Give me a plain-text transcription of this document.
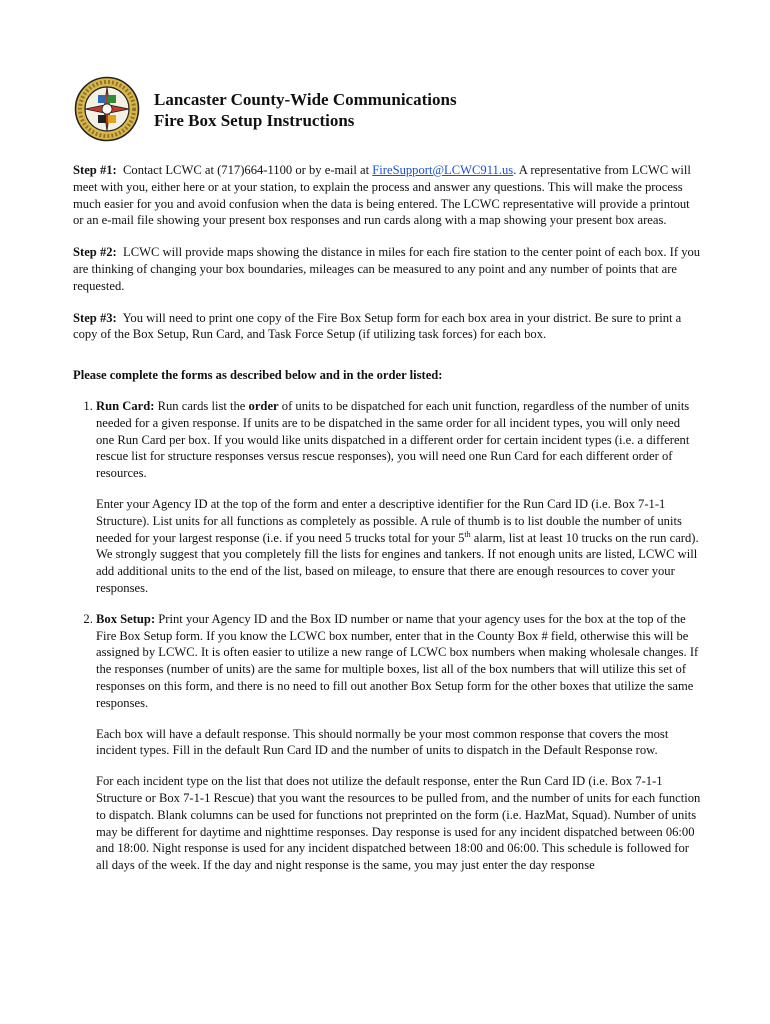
Lancaster County-Wide Communications
Fire Box Setup Instructions

Step #1: Contact LCWC at (717)664-1100 or by e-mail at FireSupport@LCWC911.us. A representative from LCWC will meet with you, either here or at your station, to explain the process and answer any questions. This will make the process much easier for you and avoid confusion when the data is being entered. The LCWC representative will provide a printout or an e-mail file showing your present box responses and run cards along with a map showing your present box areas.

Step #2: LCWC will provide maps showing the distance in miles for each fire station to the center point of each box. If you are thinking of changing your box boundaries, mileages can be measured to any point and any number of points that are requested.

Step #3: You will need to print one copy of the Fire Box Setup form for each box area in your district. Be sure to print a copy of the Box Setup, Run Card, and Task Force Setup (if utilizing task forces) for each box.

Please complete the forms as described below and in the order listed:

1. Run Card: Run cards list the order of units to be dispatched for each unit function, regardless of the number of units needed for a given response. If units are to be dispatched in the same order for all incident types, you will only need one Run Card per box. If you would like units dispatched in a different order for certain incident types (i.e. a different rescue list for structure responses versus rescue responses), you will need one Run Card for each different order of resources.

Enter your Agency ID at the top of the form and enter a descriptive identifier for the Run Card ID (i.e. Box 7-1-1 Structure). List units for all functions as completely as possible. A rule of thumb is to list double the number of units needed for your largest response (i.e. if you need 5 trucks total for your 5th alarm, list at least 10 trucks on the run card). We strongly suggest that you completely fill the lists for engines and tankers. If not enough units are listed, LCWC will add additional units to the end of the list, based on mileage, to ensure that there are enough resources to cover your responses.

2. Box Setup: Print your Agency ID and the Box ID number or name that your agency uses for the box at the top of the Fire Box Setup form. If you know the LCWC box number, enter that in the County Box # field, otherwise this will be assigned by LCWC. It is often easier to utilize a new range of LCWC box numbers when making wholesale changes. If the responses (number of units) are the same for multiple boxes, list all of the box numbers that will utilize this set of responses on this form, and there is no need to fill out another Box Setup form for the other boxes that utilize the same responses.

Each box will have a default response. This should normally be your most common response that covers the most incident types. Fill in the default Run Card ID and the number of units to dispatch in the Default Response row.

For each incident type on the list that does not utilize the default response, enter the Run Card ID (i.e. Box 7-1-1 Structure or Box 7-1-1 Rescue) that you want the resources to be pulled from, and the number of units for each function to dispatch. Blank columns can be used for functions not preprinted on the form (i.e. HazMat, Squad). Number of units may be different for daytime and nighttime responses. Day response is used for any incident dispatched between 06:00 and 18:00. Night response is used for any incident dispatched between 18:00 and 06:00. This schedule is followed for all days of the week. If the day and night response is the same, you may just enter the day response
